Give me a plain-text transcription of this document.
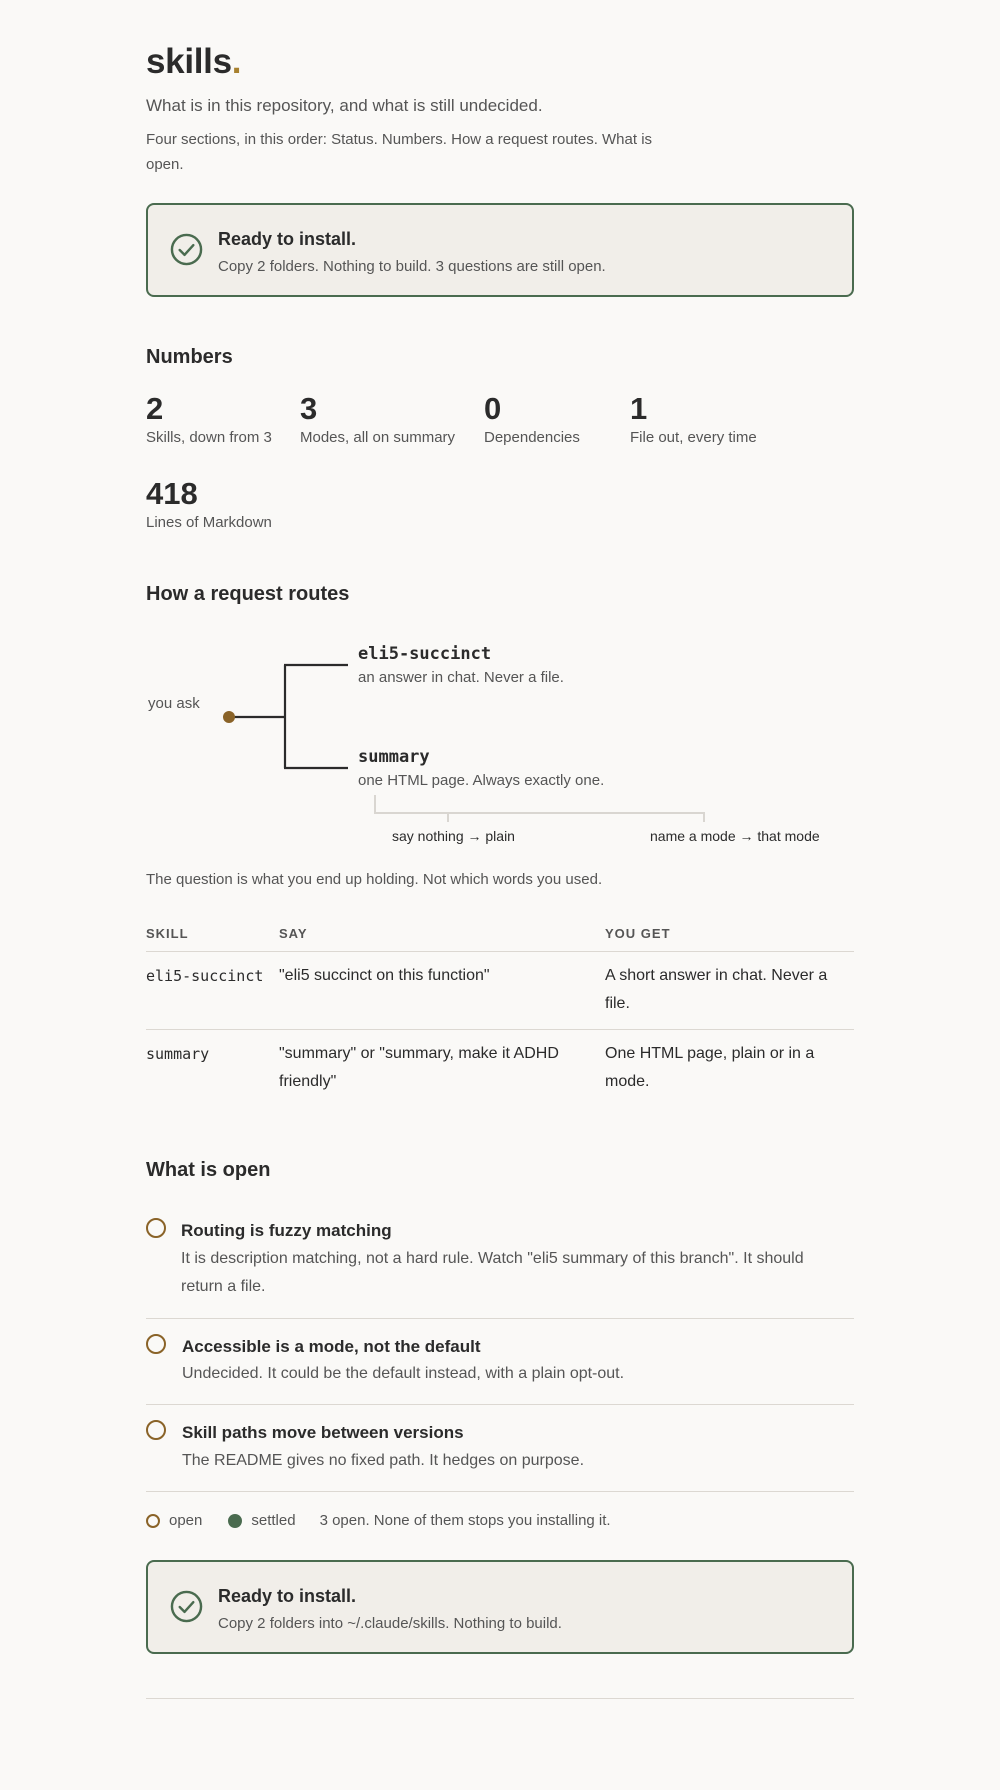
skills.
What is in this repository, and what is still undecided.
Four sections, in this order: Status. Numbers. How a request routes. What is open.
Ready to install.
Copy 2 folders. Nothing to build. 3 questions are still open.
Numbers
2
Skills, down from 3
3
Modes, all on summary
0
Dependencies
1
File out, every time
418
Lines of Markdown
How a request routes
you ask
eli5-succinct
an answer in chat. Never a file.
summary
one HTML page. Always exactly one.
say nothing → plain	name a mode → that mode
The question is what you end up holding. Not which words you used.
SKILL	SAY	YOU GET
eli5-succinct	"eli5 succinct on this function"	A short answer in chat. Never a file.
summary	"summary" or "summary, make it ADHD friendly"	One HTML page, plain or in a mode.
What is open
Routing is fuzzy matching
It is description matching, not a hard rule. Watch "eli5 summary of this branch". It should return a file.
Accessible is a mode, not the default
Undecided. It could be the default instead, with a plain opt-out.
Skill paths move between versions
The README gives no fixed path. It hedges on purpose.
open	settled 3 open. None of them stops you installing it.
Ready to install.
Copy 2 folders into ~/.claude/skills. Nothing to build.
